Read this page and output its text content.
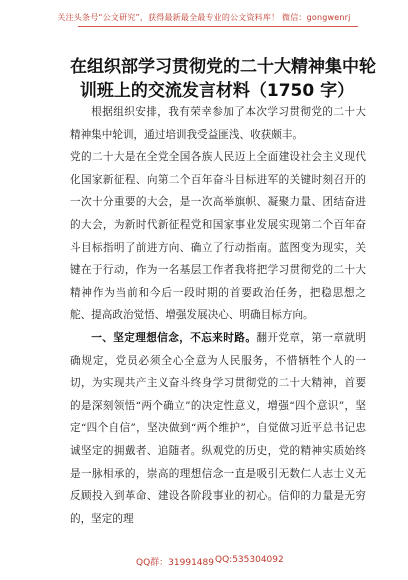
关注头条号“公文研究”，获得最新最全最专业的公文资料库！ 微信：gongwenrj
在组织部学习贯彻党的二十大精神集中轮
训班上的交流发言材料（1750 字）

根据组织安排，我有荣幸参加了本次学习贯彻党的二十大精神集中轮训，通过培训我受益匪浅、收获颇丰。

党的二十大是在全党全国各族人民迈上全面建设社会主义现代化国家新征程、向第二个百年奋斗目标进军的关键时刻召开的一次十分重要的大会，是一次高举旗帜、凝聚力量、团结奋进的大会，为新时代新征程党和国家事业发展实现第二个百年奋斗目标指明了前进方向、确立了行动指南。蓝图变为现实，关键在于行动，作为一名基层工作者我将把学习贯彻党的二十大精神作为当前和今后一段时期的首要政治任务，把稳思想之舵、提高政治觉悟、增强发展决心、明确目标方向。

一、坚定理想信念，不忘来时路。翻开党章，第一章就明确规定，党员必须全心全意为人民服务，不惜牺牲个人的一切，为实现共产主义奋斗终身学习贯彻党的二十大精神，首要的是深刻领悟“两个确立”的决定性意义，增强“四个意识”，坚定“四个自信”，坚决做到“两个维护”，自觉做习近平总书记忠诚坚定的拥戴者、追随者。纵观党的历史，党的精神实质始终是一脉相承的，崇高的理想信念一直是吸引无数仁人志士义无反顾投入到革命、建设各阶段事业的初心。信仰的力量是无穷的，坚定的理

QQ群：31991489 QQ:535304092
